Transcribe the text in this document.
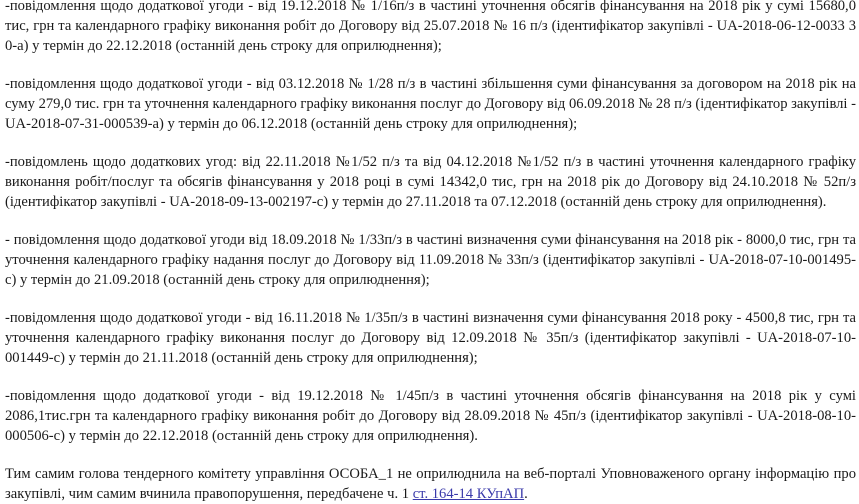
-повідомлення щодо додаткової угоди - від 19.12.2018 № 1/16п/з в частині уточнення обсягів фінансування на 2018 рік у сумі 15680,0 тис, грн та календарного графіку виконання робіт до Договору від 25.07.2018 № 16 п/з (ідентифікатор закупівлі - UA-2018-06-12-0033 3 0-а) у термін до 22.12.2018 (останній день строку для оприлюднення);

-повідомлення щодо додаткової угоди - від 03.12.2018 № 1/28 п/з в частині збільшення суми фінансування за договором на 2018 рік на суму 279,0 тис. грн та уточнення календарного графіку виконання послуг до Договору від 06.09.2018 № 28 п/з (ідентифікатор закупівлі - UA-2018-07-31-000539-а) у термін до 06.12.2018 (останній день строку для оприлюднення);

-повідомлень щодо додаткових угод: від 22.11.2018 №1/52 п/з та від 04.12.2018 №1/52 п/з в частині уточнення календарного графіку виконання робіт/послуг та обсягів фінансування у 2018 році в сумі 14342,0 тис, грн на 2018 рік до Договору від 24.10.2018 № 52п/з (ідентифікатор закупівлі - UA-2018-09-13-002197-с) у термін до 27.11.2018 та 07.12.2018 (останній день строку для оприлюднення).

- повідомлення щодо додаткової угоди від 18.09.2018 № 1/33п/з в частині визначення суми фінансування на 2018 рік - 8000,0 тис, грн та уточнення календарного графіку надання послуг до Договору від 11.09.2018 № 33п/з (ідентифікатор закупівлі - UA-2018-07-10-001495-с) у термін до 21.09.2018 (останній день строку для оприлюднення);

-повідомлення щодо додаткової угоди - від 16.11.2018 № 1/35п/з в частині визначення суми фінансування 2018 року - 4500,8 тис, грн та уточнення календарного графіку виконання послуг до Договору від 12.09.2018 № 35п/з (ідентифікатор закупівлі - UA-2018-07-10-001449-с) у термін до 21.11.2018 (останній день строку для оприлюднення);

-повідомлення щодо додаткової угоди - від 19.12.2018 № 1/45п/з в частині уточнення обсягів фінансування на 2018 рік у сумі 2086,1тис.грн та календарного графіку виконання робіт до Договору від 28.09.2018 № 45п/з (ідентифікатор закупівлі - UA-2018-08-10-000506-с) у термін до 22.12.2018 (останній день строку для оприлюднення).

Тим самим голова тендерного комітету управління ОСОБА_1 не оприлюднила на веб-порталі Уповноваженого органу інформацію про закупівлі, чим самим вчинила правопорушення, передбачене ч. 1 ст. 164-14 КУпАП.
